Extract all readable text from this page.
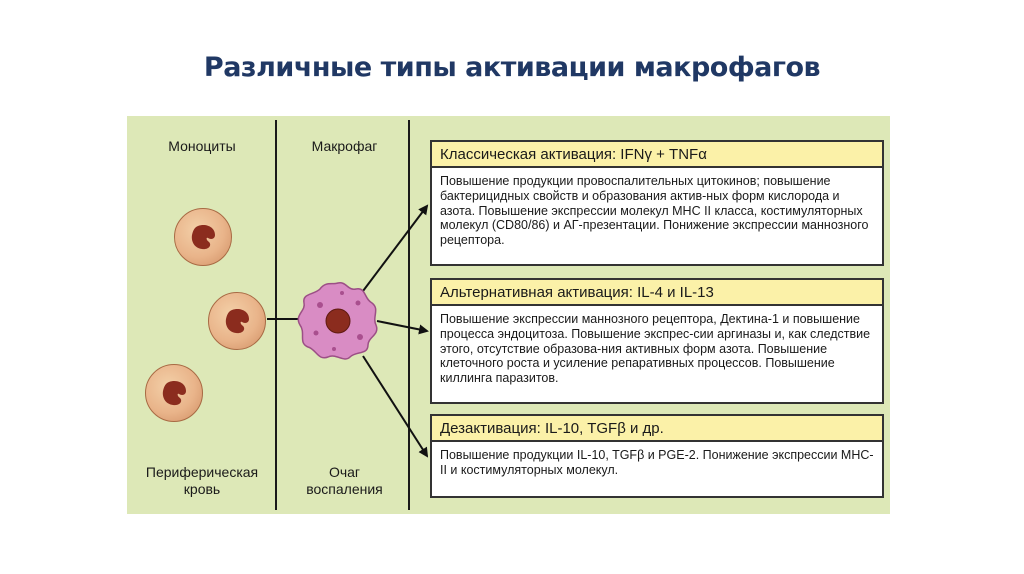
Различные типы активации макрофагов
Моноциты	Макрофаг
Периферическая
кровь
Очаг
воспаления
Классическая активация: IFNγ + TNFα
Повышение продукции провоспалительных цитокинов; повышение бактерицидных свойств и образования актив-ных форм кислорода и азота. Повышение экспрессии молекул МНС II класса, костимуляторных молекул (CD80/86) и АГ-презентации. Понижение экспрессии маннозного рецептора.
Альтернативная активация: IL-4 и IL-13
Повышение экспрессии маннозного рецептора, Дектина-1 и повышение процесса эндоцитоза. Повышение экспрес-сии аргиназы и, как следствие этого, отсутствие образова-ния активных форм азота. Повышение клеточного роста и усиление репаративных процессов. Повышение киллинга паразитов.
Дезактивация: IL-10, TGFβ и др.
Повышение продукции IL-10, TGFβ и PGE-2. Понижение экспрессии МНС-II и костимуляторных молекул.
